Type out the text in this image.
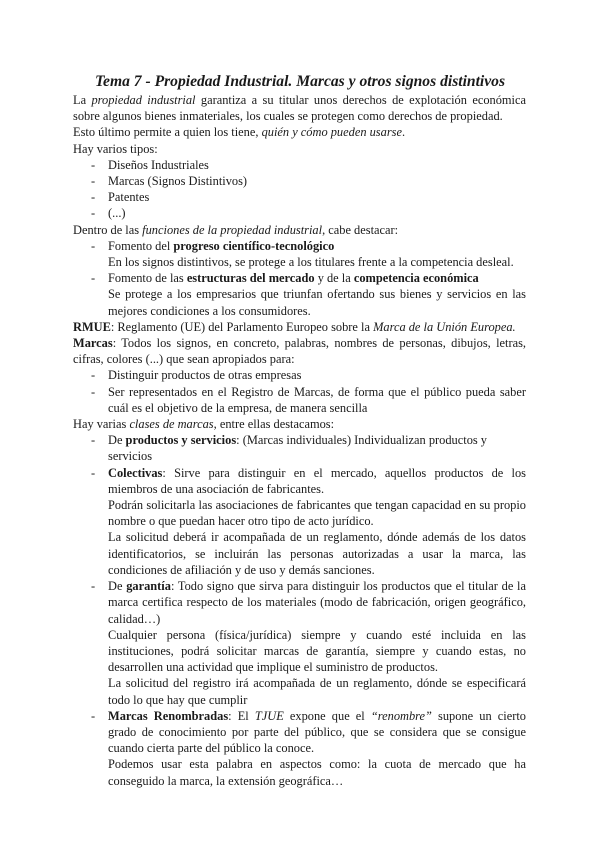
Tema 7 - Propiedad Industrial. Marcas y otros signos distintivos

La propiedad industrial garantiza a su titular unos derechos de explotación económica sobre algunos bienes inmateriales, los cuales se protegen como derechos de propiedad.

Esto último permite a quien los tiene, quién y cómo pueden usarse.

Hay varios tipos:

- Diseños Industriales
- Marcas (Signos Distintivos)
- Patentes
- (...)

Dentro de las funciones de la propiedad industrial, cabe destacar:

- Fomento del progreso científico-tecnológico

En los signos distintivos, se protege a los titulares frente a la competencia desleal.

- Fomento de las estructuras del mercado y de la competencia económica

Se protege a los empresarios que triunfan ofertando sus bienes y servicios en las mejores condiciones a los consumidores.

RMUE: Reglamento (UE) del Parlamento Europeo sobre la Marca de la Unión Europea.

Marcas: Todos los signos, en concreto, palabras, nombres de personas, dibujos, letras, cifras, colores (...) que sean apropiados para:

- Distinguir productos de otras empresas
- Ser representados en el Registro de Marcas, de forma que el público pueda saber cuál es el objetivo de la empresa, de manera sencilla

Hay varias clases de marcas, entre ellas destacamos:

- De productos y servicios: (Marcas individuales) Individualizan productos y servicios

- Colectivas: Sirve para distinguir en el mercado, aquellos productos de los miembros de una asociación de fabricantes.

Podrán solicitarla las asociaciones de fabricantes que tengan capacidad en su propio nombre o que puedan hacer otro tipo de acto jurídico.

La solicitud deberá ir acompañada de un reglamento, dónde además de los datos identificatorios, se incluirán las personas autorizadas a usar la marca, las condiciones de afiliación y de uso y demás sanciones.

- De garantía: Todo signo que sirva para distinguir los productos que el titular de la marca certifica respecto de los materiales (modo de fabricación, origen geográfico, calidad…)

Cualquier persona (física/jurídica) siempre y cuando esté incluida en las instituciones, podrá solicitar marcas de garantía, siempre y cuando estas, no desarrollen una actividad que implique el suministro de productos.

La solicitud del registro irá acompañada de un reglamento, dónde se especificará todo lo que hay que cumplir

- Marcas Renombradas: El TJUE expone que el “renombre” supone un cierto grado de conocimiento por parte del público, que se considera que se consigue cuando cierta parte del público la conoce.

Podemos usar esta palabra en aspectos como: la cuota de mercado que ha conseguido la marca, la extensión geográfica…
